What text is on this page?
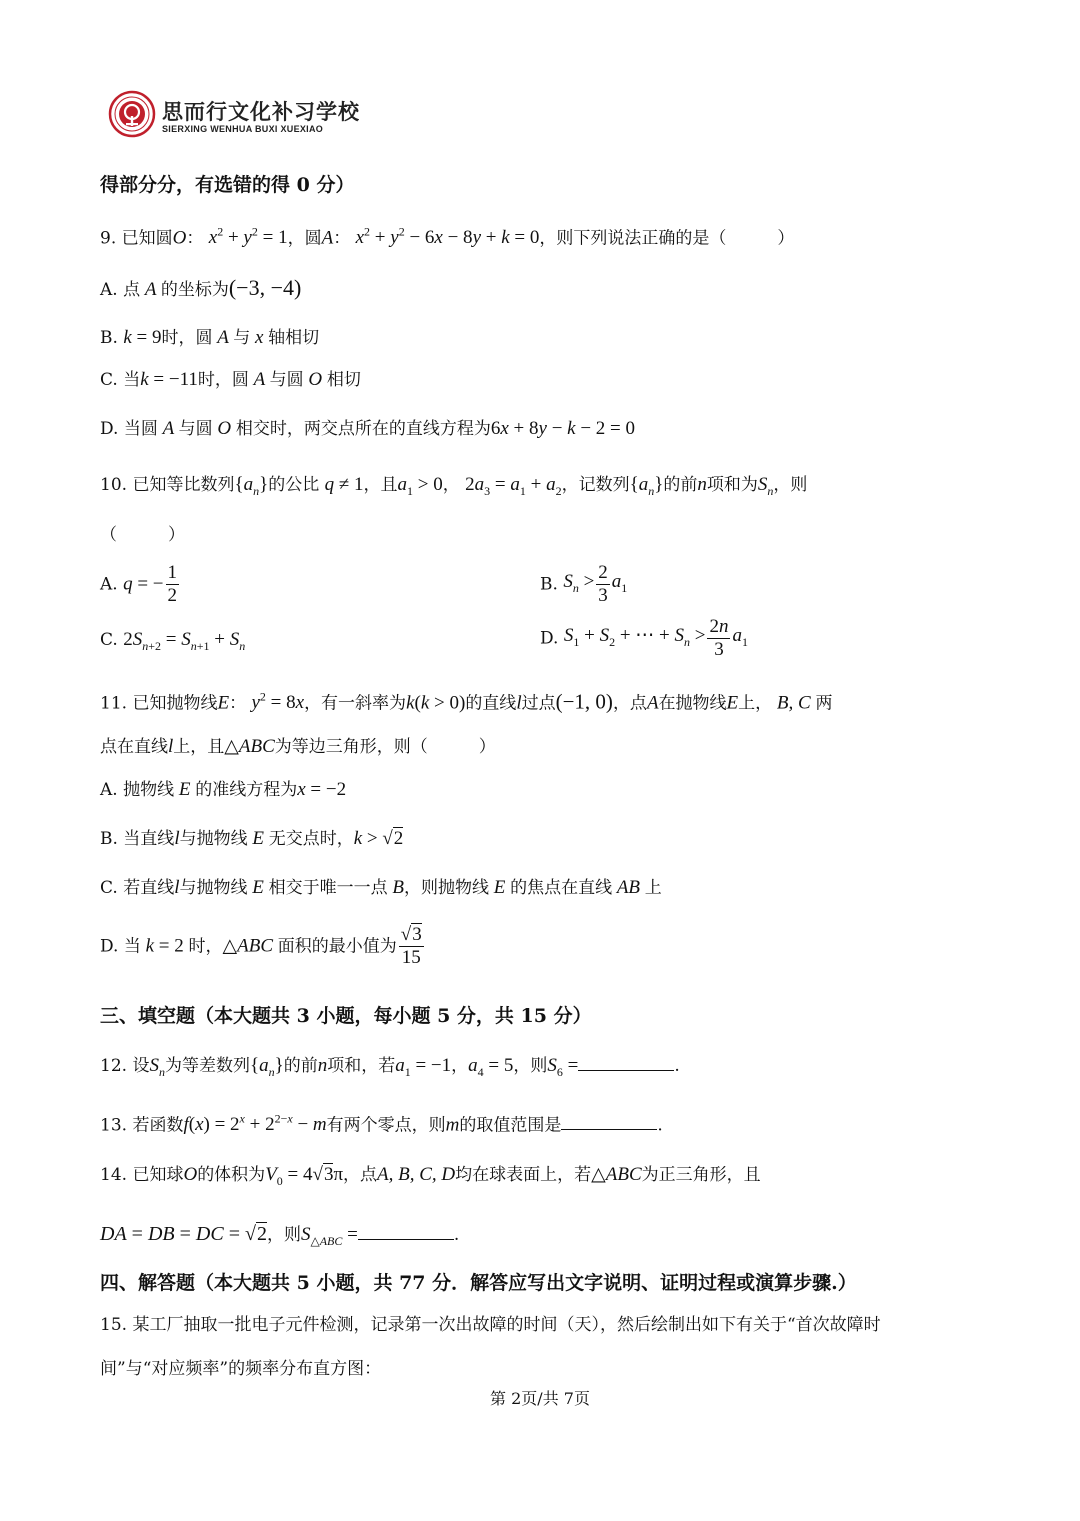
思而行文化补习学校
SIERXING WENHUA BUXI XUEXIAO
得部分分，有选错的得 0 分）
9. 已知圆O： $x^2 + y^2 = 1$，圆A： $x^2 + y^2 - 6x - 8y + k = 0$，则下列说法正确的是（　　　）
A. 点 A 的坐标为(−3, −4)
B. k = 9时，圆 A 与 x 轴相切
C. 当k = −11时，圆 A 与圆 O 相切
D. 当圆 A 与圆 O 相交时，两交点所在的直线方程为6x + 8y − k − 2 = 0
10. 已知等比数列$\{a_n\}$的公比 q ≠ 1，且$a_1 > 0$， $2a_3 = a_1 + a_2$，记数列$\{a_n\}$的前n项和为$S_n$，则
（　　　）
A. q = − $\frac{1}{2}$	B. $S_n > \frac{2}{3} a_1$
C. $2S_{n+2} = S_{n+1} + S_n$	D. $S_1 + S_2$ + ⋯ + $S_n > \frac{2n}{3} a_1$
11. 已知抛物线E： $y^2 = 8x$，有一斜率为k(k > 0)的直线l过点(−1, 0)，点A在抛物线E上， B, C 两
点在直线l上，且△ABC为等边三角形，则（　　　）
A. 抛物线 E 的准线方程为x = −2
B. 当直线l与抛物线 E 无交点时，k > √2
C. 若直线l与抛物线 E 相交于唯一一点 B，则抛物线 E 的焦点在直线 AB 上
D. 当 k = 2 时，△ABC 面积的最小值为 $\frac{√3}{15}$
三、填空题（本大题共 3 小题，每小题 5 分，共 15 分）
12. 设$S_n$为等差数列$\{a_n\}$的前n项和，若$a_1 = -1$，$a_4 = 5$，则$S_6$ =	.
13. 若函数$f(x) = 2^x + 2^{2-x} - m$有两个零点，则m的取值范围是	.
14. 已知球O的体积为$V_0 = 4√3\pi$，点A, B, C, D均在球表面上，若△ABC为正三角形，且
DA = DB = DC = √2，则$S_{\triangle ABC}$ =	.
四、解答题（本大题共 5 小题，共 77 分．解答应写出文字说明、证明过程或演算步骤.）
15. 某工厂抽取一批电子元件检测，记录第一次出故障的时间（天），然后绘制出如下有关于“首次故障时
间”与“对应频率”的频率分布直方图：
第 2页/共 7页
